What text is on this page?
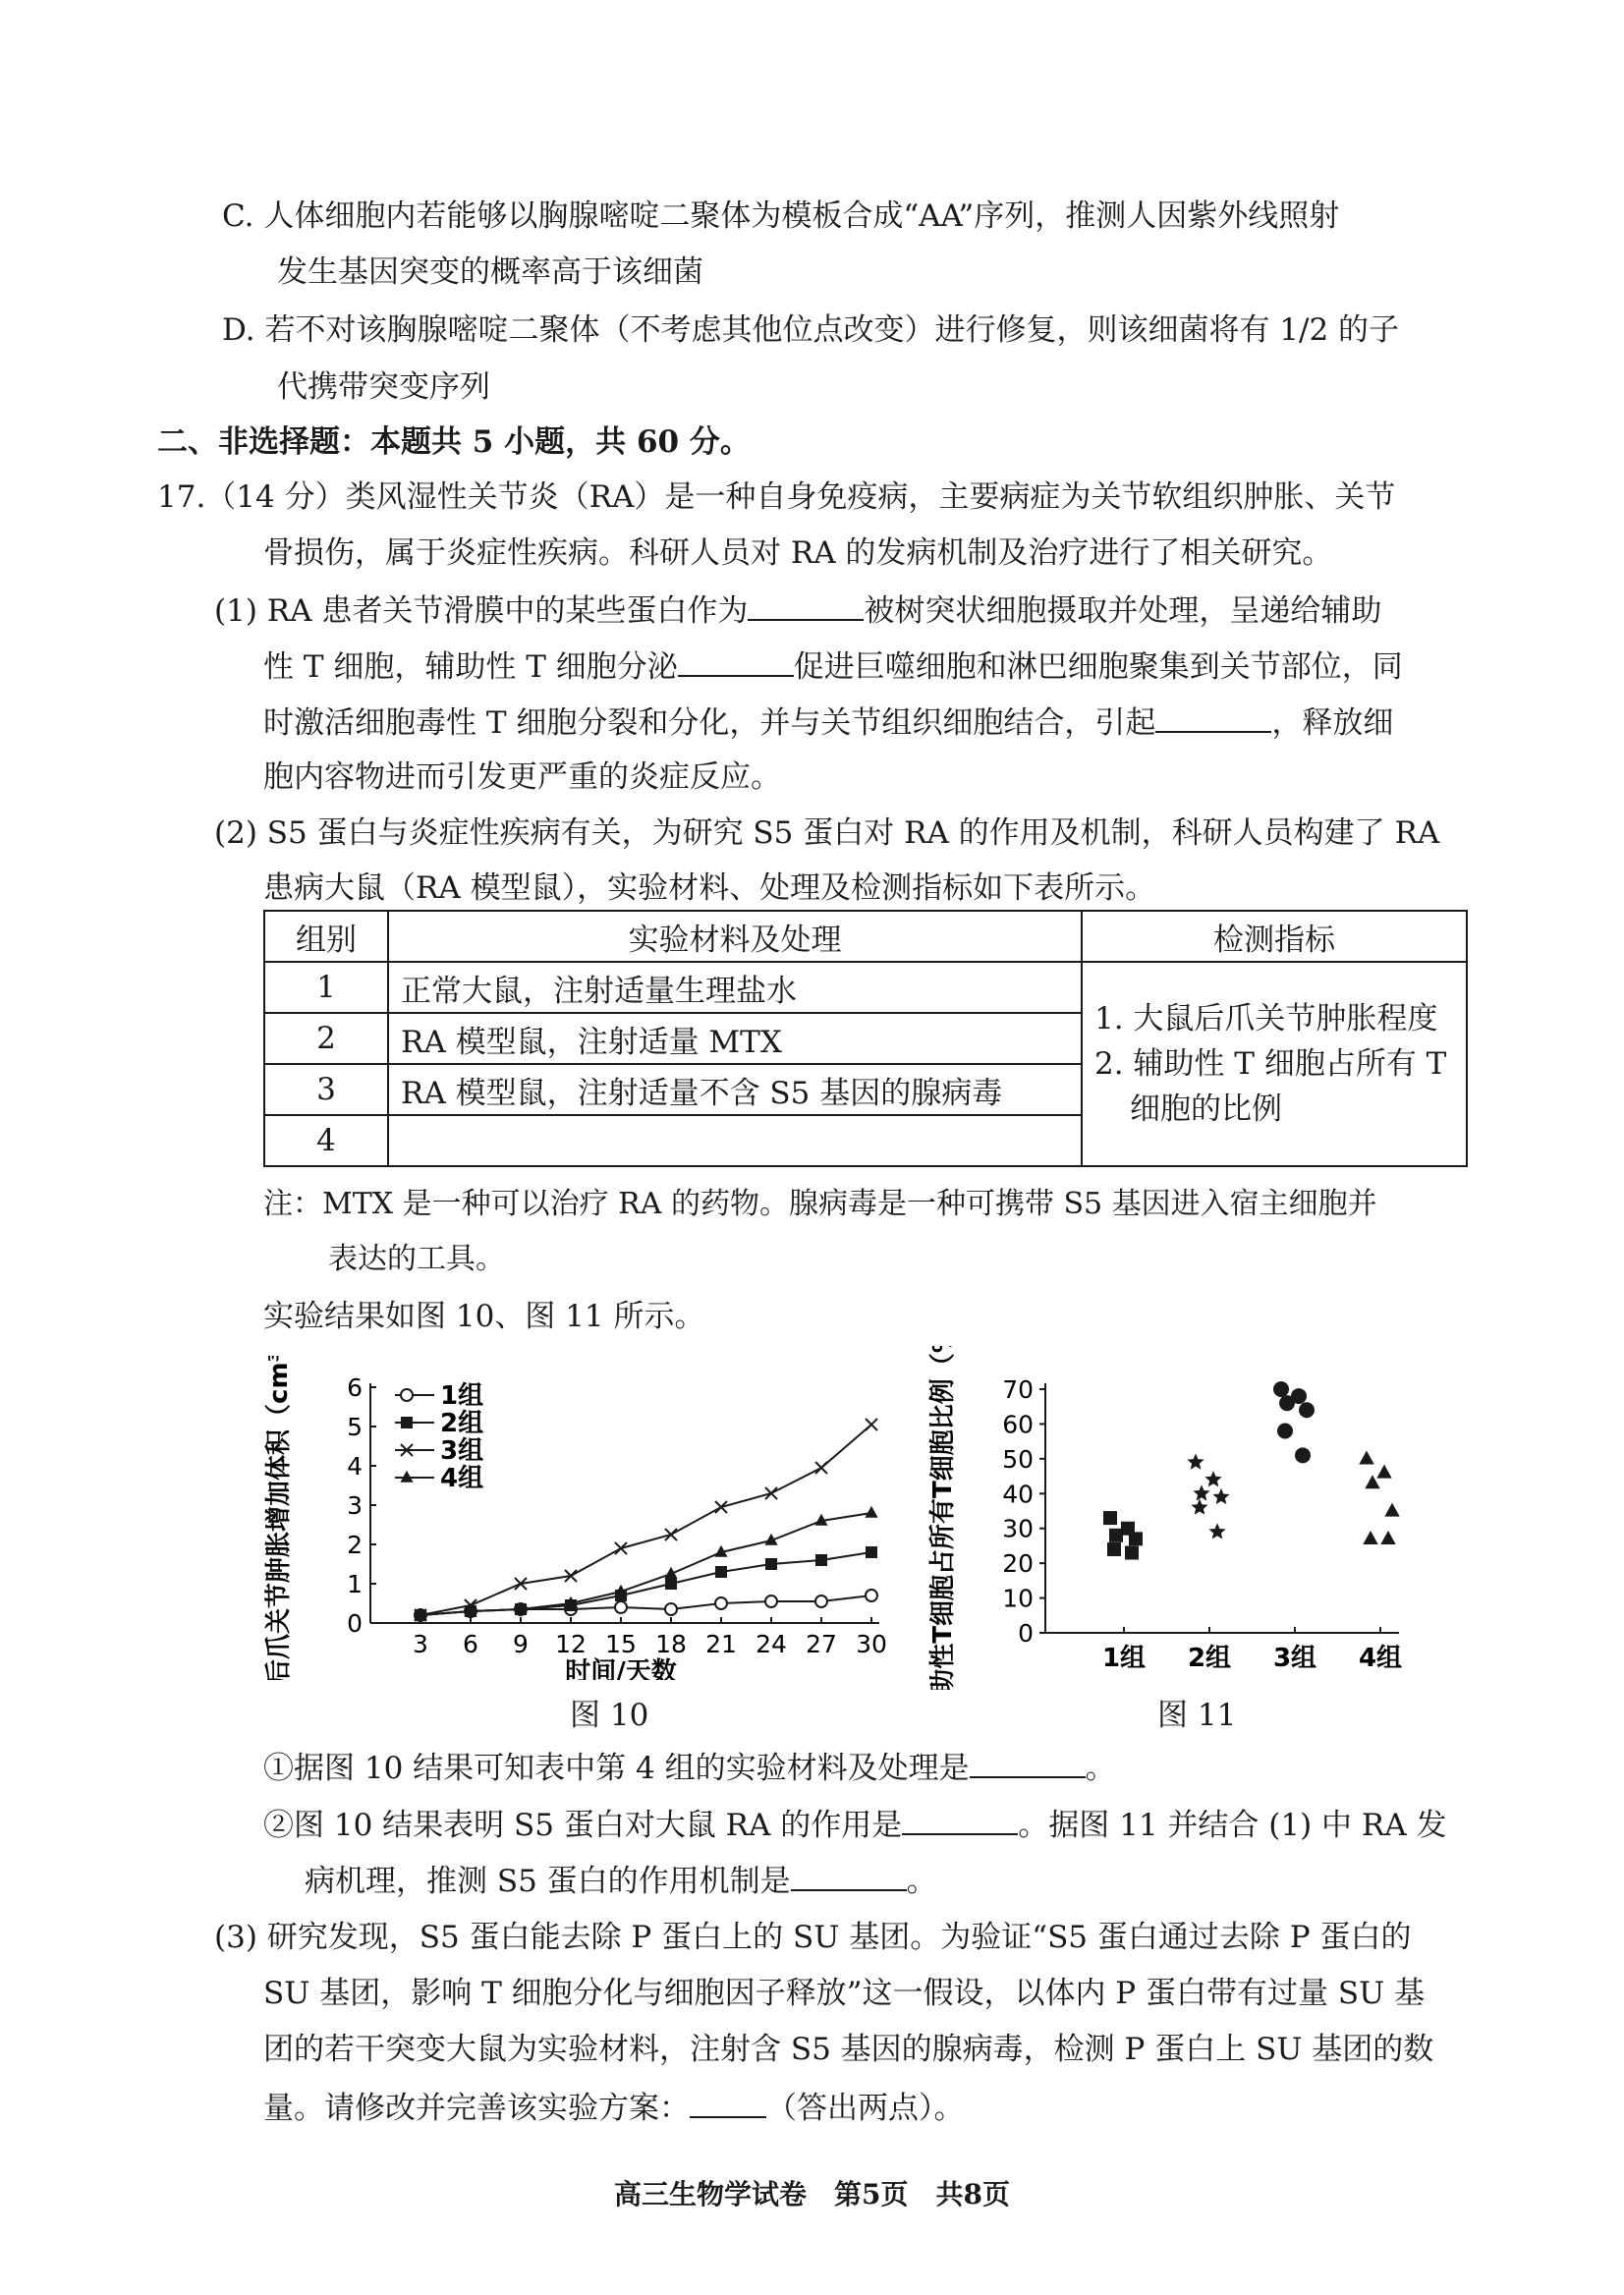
C. 人体细胞内若能够以胸腺嘧啶二聚体为模板合成“AA”序列，推测人因紫外线照射
发生基因突变的概率高于该细菌
D. 若不对该胸腺嘧啶二聚体（不考虑其他位点改变）进行修复，则该细菌将有 1/2 的子
代携带突变序列
二、非选择题：本题共 5 小题，共 60 分。
17.（14 分）类风湿性关节炎（RA）是一种自身免疫病，主要病症为关节软组织肿胀、关节
骨损伤，属于炎症性疾病。科研人员对 RA 的发病机制及治疗进行了相关研究。
(1) RA 患者关节滑膜中的某些蛋白作为	被树突状细胞摄取并处理，呈递给辅助
性 T 细胞，辅助性 T 细胞分泌	促进巨噬细胞和淋巴细胞聚集到关节部位，同
时激活细胞毒性 T 细胞分裂和分化，并与关节组织细胞结合，引起	，释放细
胞内容物进而引发更严重的炎症反应。
(2) S5 蛋白与炎症性疾病有关，为研究 S5 蛋白对 RA 的作用及机制，科研人员构建了 RA
患病大鼠（RA 模型鼠），实验材料、处理及检测指标如下表所示。
组别	实验材料及处理	检测指标
1	正常大鼠，注射适量生理盐水	1. 大鼠后爪关节肿胀程度
2. 辅助性 T 细胞占所有 T
细胞的比例

2	RA 模型鼠，注射适量 MTX	
3	RA 模型鼠，注射适量不含 S5 基因的腺病毒	
4		
注：MTX 是一种可以治疗 RA 的药物。腺病毒是一种可携带 S5 基因进入宿主细胞并
表达的工具。
实验结果如图 10、图 11 所示。
0
1
2
3
4
5
6
3 6 9 12 15 18 21 24 27 30
时间/天数
后爪关节肿胀增加体积（cm³）	1组
2组
3组
4组
图 10
0
10
20
30
40
50
60
70
1组 2组 3组 4组
辅助性T细胞占所有T细胞比例（%）	图 11
①据图 10 结果可知表中第 4 组的实验材料及处理是	。
②图 10 结果表明 S5 蛋白对大鼠 RA 的作用是	。据图 11 并结合 (1) 中 RA 发
病机理，推测 S5 蛋白的作用机制是	。
(3) 研究发现，S5 蛋白能去除 P 蛋白上的 SU 基团。为验证“S5 蛋白通过去除 P 蛋白的
SU 基团，影响 T 细胞分化与细胞因子释放”这一假设，以体内 P 蛋白带有过量 SU 基
团的若干突变大鼠为实验材料，注射含 S5 基因的腺病毒，检测 P 蛋白上 SU 基团的数
量。请修改并完善该实验方案：	（答出两点）。
高三生物学试卷　第5页　共8页
